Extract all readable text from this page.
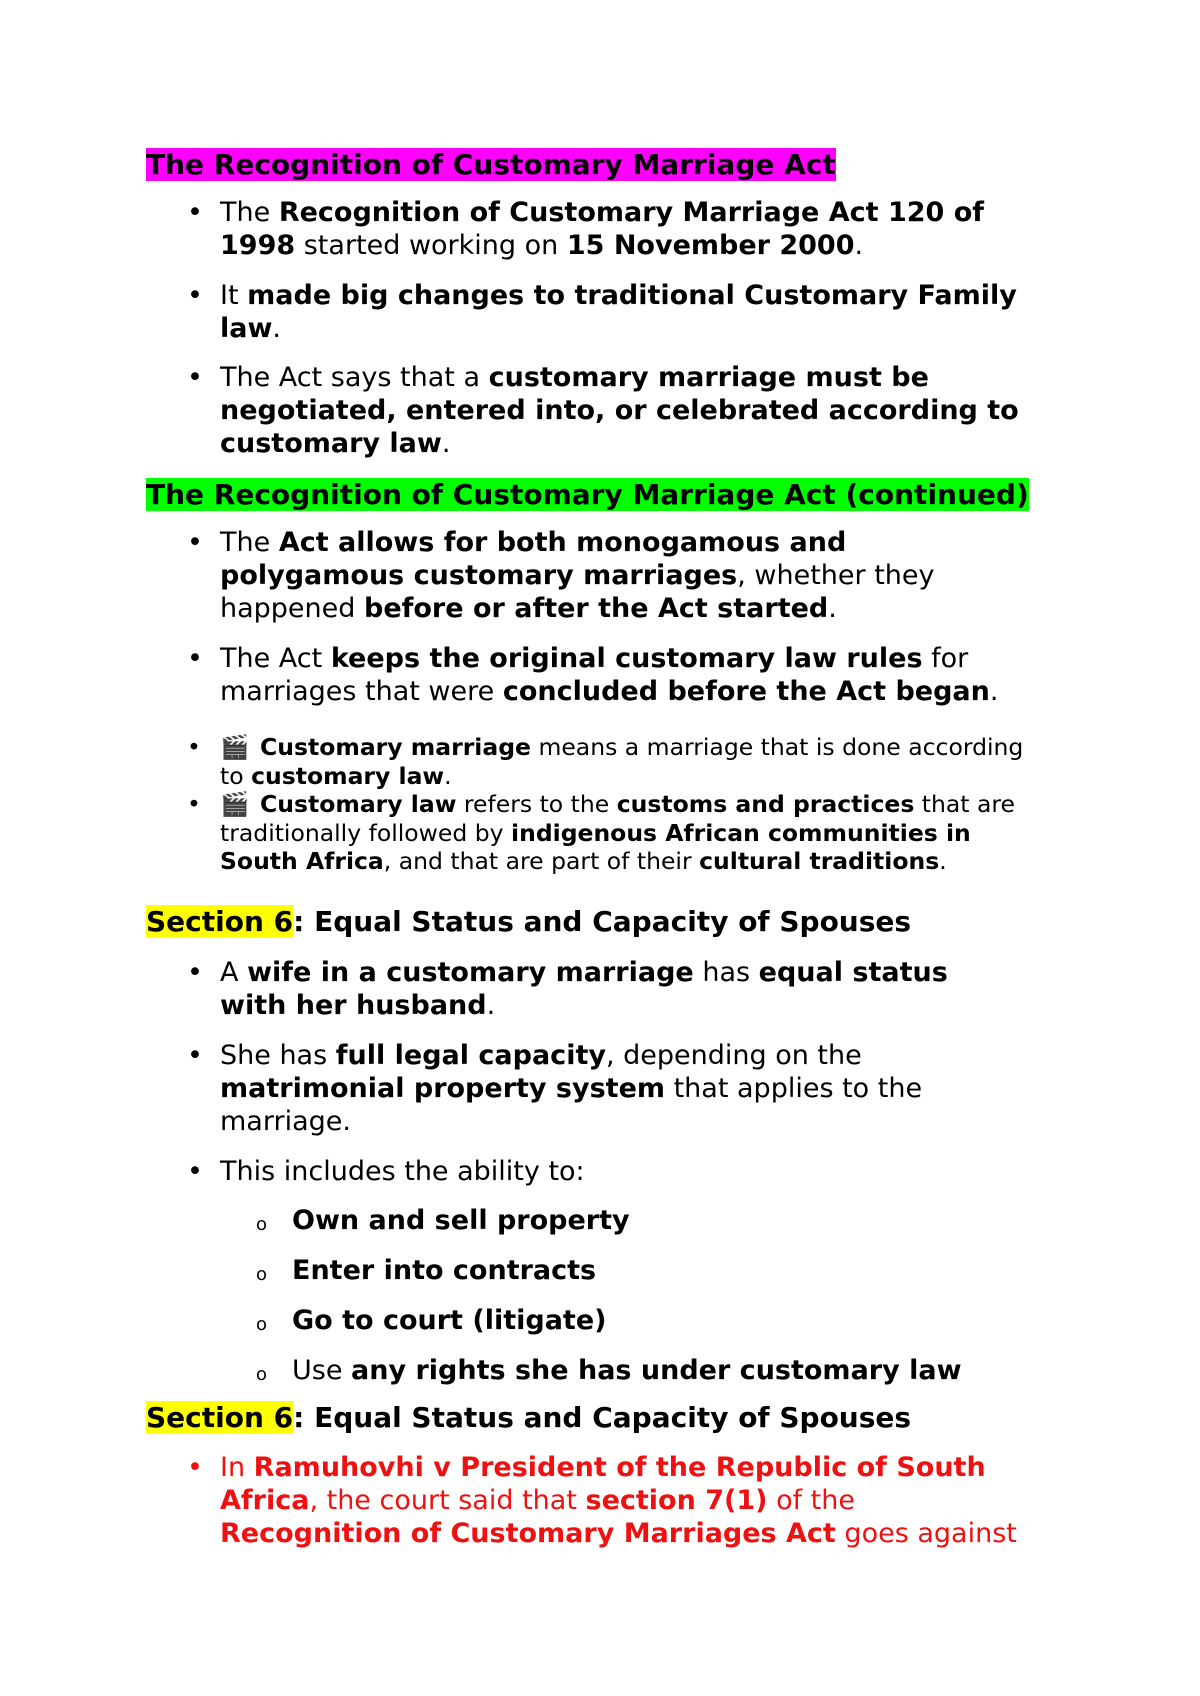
The Recognition of Customary Marriage Act

• The Recognition of Customary Marriage Act 120 of
1998 started working on 15 November 2000.

• It made big changes to traditional Customary Family
law.

• The Act says that a customary marriage must be
negotiated, entered into, or celebrated according to
customary law.

The Recognition of Customary Marriage Act (continued)

• The Act allows for both monogamous and
polygamous customary marriages, whether they
happened before or after the Act started.

• The Act keeps the original customary law rules for
marriages that were concluded before the Act began.

• 🎬 Customary marriage means a marriage that is done according
to customary law.

• 🎬 Customary law refers to the customs and practices that are
traditionally followed by indigenous African communities in
South Africa, and that are part of their cultural traditions.

Section 6: Equal Status and Capacity of Spouses

• A wife in a customary marriage has equal status
with her husband.

• She has full legal capacity, depending on the
matrimonial property system that applies to the
marriage.

• This includes the ability to:

o Own and sell property

o Enter into contracts

o Go to court (litigate)

o Use any rights she has under customary law

Section 6: Equal Status and Capacity of Spouses

• In Ramuhovhi v President of the Republic of South
Africa, the court said that section 7(1) of the
Recognition of Customary Marriages Act goes against
